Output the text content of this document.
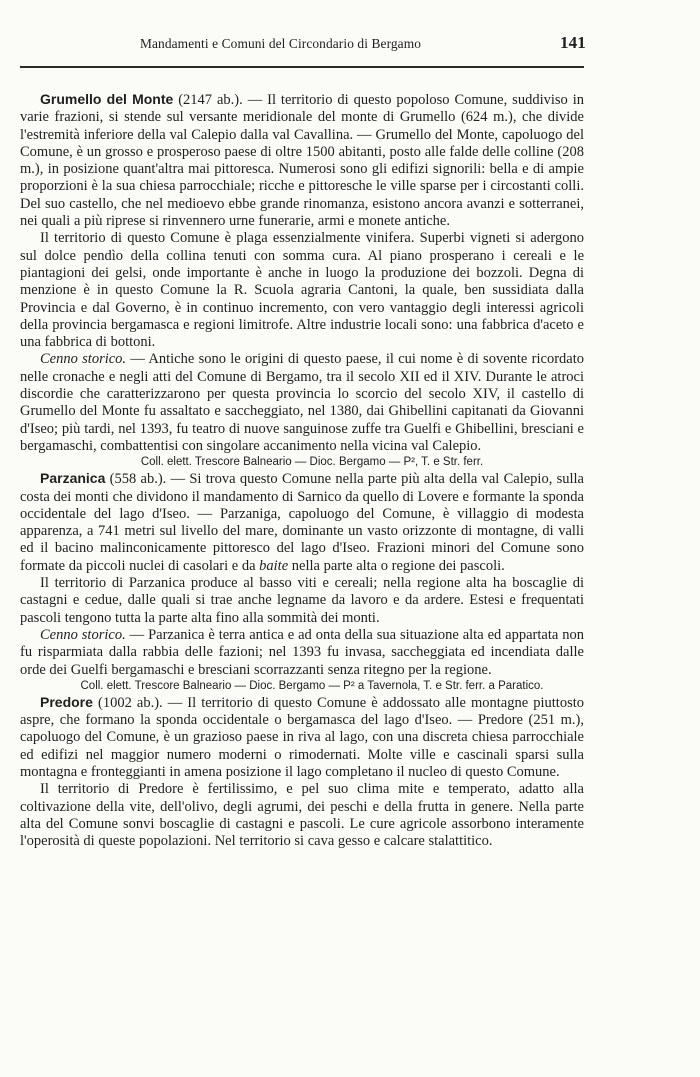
Mandamenti e Comuni del Circondario di Bergamo	141

Grumello del Monte (2147 ab.). — Il territorio di questo popoloso Comune, suddiviso in varie frazioni, si stende sul versante meridionale del monte di Grumello (624 m.), che divide l'estremità inferiore della val Calepio dalla val Cavallina. — Grumello del Monte, capoluogo del Comune, è un grosso e prosperoso paese di oltre 1500 abitanti, posto alle falde delle colline (208 m.), in posizione quant'altra mai pittoresca. Numerosi sono gli edifizi signorili: bella e di ampie proporzioni è la sua chiesa parrocchiale; ricche e pittoresche le ville sparse per i circostanti colli. Del suo castello, che nel medioevo ebbe grande rinomanza, esistono ancora avanzi e sotterranei, nei quali a più riprese si rinvennero urne funerarie, armi e monete antiche.

Il territorio di questo Comune è plaga essenzialmente vinifera. Superbi vigneti si adergono sul dolce pendìo della collina tenuti con somma cura. Al piano prosperano i cereali e le piantagioni dei gelsi, onde importante è anche in luogo la produzione dei bozzoli. Degna di menzione è in questo Comune la R. Scuola agraria Cantoni, la quale, ben sussidiata dalla Provincia e dal Governo, è in continuo incremento, con vero vantaggio degli interessi agricoli della provincia bergamasca e regioni limitrofe. Altre industrie locali sono: una fabbrica d'aceto e una fabbrica di bottoni.

Cenno storico. — Antiche sono le origini di questo paese, il cui nome è di sovente ricordato nelle cronache e negli atti del Comune di Bergamo, tra il secolo XII ed il XIV. Durante le atroci discordie che caratterizzarono per questa provincia lo scorcio del secolo XIV, il castello di Grumello del Monte fu assaltato e saccheggiato, nel 1380, dai Ghibellini capitanati da Giovanni d'Iseo; più tardi, nel 1393, fu teatro di nuove sanguinose zuffe tra Guelfi e Ghibellini, bresciani e bergamaschi, combattentisi con singolare accanimento nella vicina val Calepio.

Coll. elett. Trescore Balneario — Dioc. Bergamo — P², T. e Str. ferr.

Parzanica (558 ab.). — Si trova questo Comune nella parte più alta della val Calepio, sulla costa dei monti che dividono il mandamento di Sarnico da quello di Lovere e formante la sponda occidentale del lago d'Iseo. — Parzaniga, capoluogo del Comune, è villaggio di modesta apparenza, a 741 metri sul livello del mare, dominante un vasto orizzonte di montagne, di valli ed il bacino malinconicamente pittoresco del lago d'Iseo. Frazioni minori del Comune sono formate da piccoli nuclei di casolari e da baite nella parte alta o regione dei pascoli.

Il territorio di Parzanica produce al basso viti e cereali; nella regione alta ha boscaglie di castagni e cedue, dalle quali si trae anche legname da lavoro e da ardere. Estesi e frequentati pascoli tengono tutta la parte alta fino alla sommità dei monti.

Cenno storico. — Parzanica è terra antica e ad onta della sua situazione alta ed appartata non fu risparmiata dalla rabbia delle fazioni; nel 1393 fu invasa, saccheggiata ed incendiata dalle orde dei Guelfi bergamaschi e bresciani scorrazzanti senza ritegno per la regione.

Coll. elett. Trescore Balneario — Dioc. Bergamo — P² a Tavernola, T. e Str. ferr. a Paratico.

Predore (1002 ab.). — Il territorio di questo Comune è addossato alle montagne piuttosto aspre, che formano la sponda occidentale o bergamasca del lago d'Iseo. — Predore (251 m.), capoluogo del Comune, è un grazioso paese in riva al lago, con una discreta chiesa parrocchiale ed edifizi nel maggior numero moderni o rimodernati. Molte ville e cascinali sparsi sulla montagna e fronteggianti in amena posizione il lago completano il nucleo di questo Comune.

Il territorio di Predore è fertilissimo, e pel suo clima mite e temperato, adatto alla coltivazione della vite, dell'olivo, degli agrumi, dei peschi e della frutta in genere. Nella parte alta del Comune sonvi boscaglie di castagni e pascoli. Le cure agricole assorbono interamente l'operosità di queste popolazioni. Nel territorio si cava gesso e calcare stalattitico.
